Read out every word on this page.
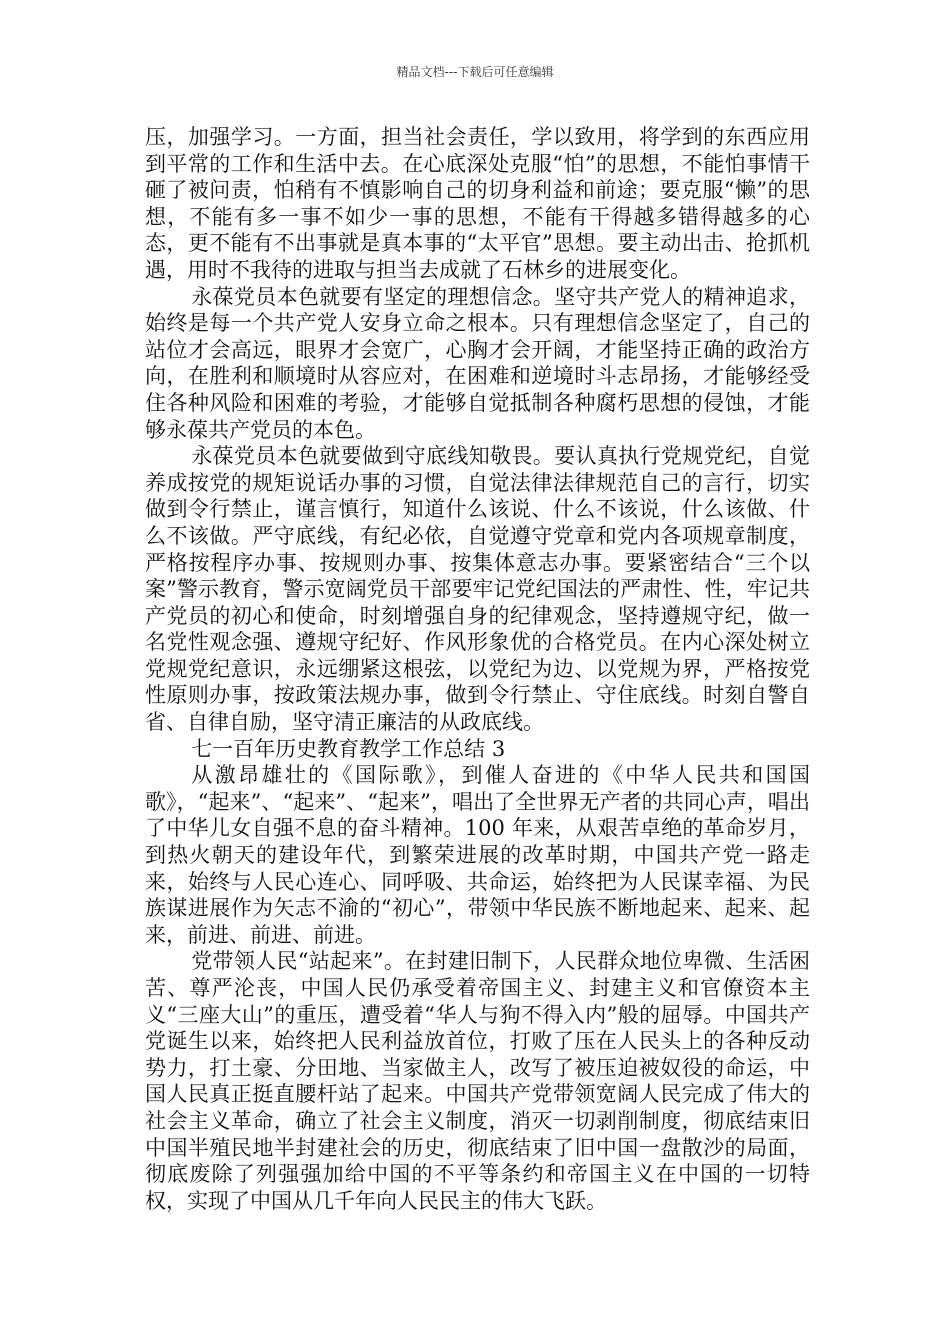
精品文档---下载后可任意编辑

压，加强学习。一方面，担当社会责任，学以致用，将学到的东西应用到平常的工作和生活中去。在心底深处克服“怕”的思想，不能怕事情干砸了被问责，怕稍有不慎影响自己的切身利益和前途；要克服“懒”的思想，不能有多一事不如少一事的思想，不能有干得越多错得越多的心态，更不能有不出事就是真本事的“太平官”思想。要主动出击、抢抓机遇，用时不我待的进取与担当去成就了石林乡的进展变化。

永葆党员本色就要有坚定的理想信念。坚守共产党人的精神追求，始终是每一个共产党人安身立命之根本。只有理想信念坚定了，自己的站位才会高远，眼界才会宽广，心胸才会开阔，才能坚持正确的政治方向，在胜利和顺境时从容应对，在困难和逆境时斗志昂扬，才能够经受住各种风险和困难的考验，才能够自觉抵制各种腐朽思想的侵蚀，才能够永葆共产党员的本色。

永葆党员本色就要做到守底线知敬畏。要认真执行党规党纪，自觉养成按党的规矩说话办事的习惯，自觉法律法律规范自己的言行，切实做到令行禁止，谨言慎行，知道什么该说、什么不该说，什么该做、什么不该做。严守底线，有纪必依，自觉遵守党章和党内各项规章制度，严格按程序办事、按规则办事、按集体意志办事。要紧密结合“三个以案”警示教育，警示宽阔党员干部要牢记党纪国法的严肃性、性，牢记共产党员的初心和使命，时刻增强自身的纪律观念，坚持遵规守纪，做一名党性观念强、遵规守纪好、作风形象优的合格党员。在内心深处树立党规党纪意识，永远绷紧这根弦，以党纪为边、以党规为界，严格按党性原则办事，按政策法规办事，做到令行禁止、守住底线。时刻自警自省、自律自励，坚守清正廉洁的从政底线。

七一百年历史教育教学工作总结 3

从激昂雄壮的《国际歌》，到催人奋进的《中华人民共和国国歌》，“起来”、“起来”、“起来”，唱出了全世界无产者的共同心声，唱出了中华儿女自强不息的奋斗精神。100 年来，从艰苦卓绝的革命岁月，到热火朝天的建设年代，到繁荣进展的改革时期，中国共产党一路走来，始终与人民心连心、同呼吸、共命运，始终把为人民谋幸福、为民族谋进展作为矢志不渝的“初心”，带领中华民族不断地起来、起来、起来，前进、前进、前进。

党带领人民“站起来”。在封建旧制下，人民群众地位卑微、生活困苦、尊严沦丧，中国人民仍承受着帝国主义、封建主义和官僚资本主义“三座大山”的重压，遭受着“华人与狗不得入内”般的屈辱。中国共产党诞生以来，始终把人民利益放首位，打败了压在人民头上的各种反动势力，打土豪、分田地、当家做主人，改写了被压迫被奴役的命运，中国人民真正挺直腰杆站了起来。中国共产党带领宽阔人民完成了伟大的社会主义革命，确立了社会主义制度，消灭一切剥削制度，彻底结束旧中国半殖民地半封建社会的历史，彻底结束了旧中国一盘散沙的局面，彻底废除了列强强加给中国的不平等条约和帝国主义在中国的一切特权，实现了中国从几千年向人民民主的伟大飞跃。
